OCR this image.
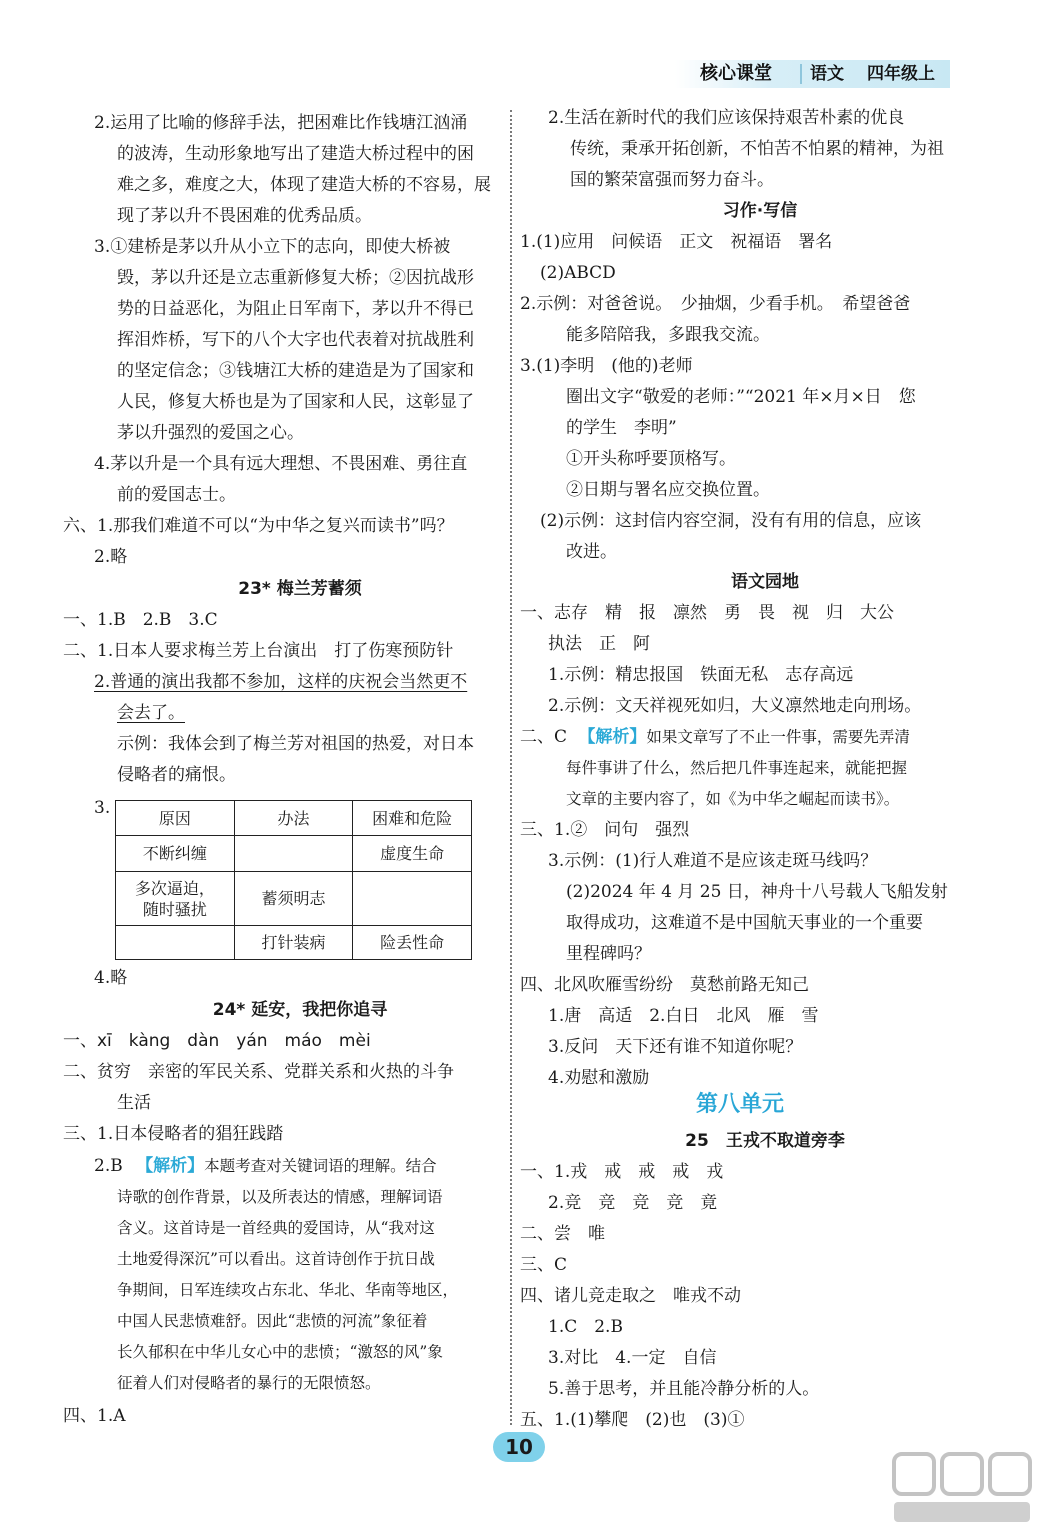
核心课堂 语文 四年级上
2.运用了比喻的修辞手法，把困难比作钱塘江汹涌
的波涛，生动形象地写出了建造大桥过程中的困
难之多，难度之大，体现了建造大桥的不容易，展
现了茅以升不畏困难的优秀品质。
3.①建桥是茅以升从小立下的志向，即使大桥被
毁，茅以升还是立志重新修复大桥；②因抗战形
势的日益恶化，为阻止日军南下，茅以升不得已
挥泪炸桥，写下的八个大字也代表着对抗战胜利
的坚定信念；③钱塘江大桥的建造是为了国家和
人民，修复大桥也是为了国家和人民，这彰显了
茅以升强烈的爱国之心。
4.茅以升是一个具有远大理想、不畏困难、勇往直
前的爱国志士。
六、1.那我们难道不可以“为中华之复兴而读书”吗？
2.略
23* 梅兰芳蓄须
一、1.B　2.B　3.C
二、1.日本人要求梅兰芳上台演出　打了伤寒预防针
2.普通的演出我都不参加，这样的庆祝会当然更不
会去了。
示例：我体会到了梅兰芳对祖国的热爱，对日本
侵略者的痛恨。
3.	原因	办法	困难和危险
不断纠缠		虚度生命
多次逼迫，
随时骚扰	蓄须明志	
	打针装病	险丢性命
4.略
24* 延安，我把你追寻
一、xī　kàng　dàn　yán　máo　mèi
二、贫穷　亲密的军民关系、党群关系和火热的斗争
生活
三、1.日本侵略者的猖狂践踏
2.B 【解析】本题考查对关键词语的理解。结合
诗歌的创作背景，以及所表达的情感，理解词语
含义。这首诗是一首经典的爱国诗，从“我对这
土地爱得深沉”可以看出。这首诗创作于抗日战
争期间，日军连续攻占东北、华北、华南等地区，
中国人民悲愤难舒。因此“悲愤的河流”象征着
长久郁积在中华儿女心中的悲愤；“激怒的风”象
征着人们对侵略者的暴行的无限愤怒。
四、1.A
2.生活在新时代的我们应该保持艰苦朴素的优良
传统，秉承开拓创新，不怕苦不怕累的精神，为祖
国的繁荣富强而努力奋斗。
习作·写信
1.(1)应用　问候语　正文　祝福语　署名
(2)ABCD
2.示例：对爸爸说。　少抽烟，少看手机。　希望爸爸
能多陪陪我，多跟我交流。
3.(1)李明　(他的)老师
圈出文字“敬爱的老师：”“2021 年×月×日　您
的学生　李明”
①开头称呼要顶格写。
②日期与署名应交换位置。
(2)示例：这封信内容空洞，没有有用的信息，应该
改进。
语文园地
一、志存　精　报　凛然　勇　畏　视　归　大公
执法　正　阿
1.示例：精忠报国　铁面无私　志存高远
2.示例：文天祥视死如归，大义凛然地走向刑场。
二、C 【解析】如果文章写了不止一件事，需要先弄清
每件事讲了什么，然后把几件事连起来，就能把握
文章的主要内容了，如《为中华之崛起而读书》。
三、1.②　问句　强烈
3.示例：(1)行人难道不是应该走斑马线吗？
(2)2024 年 4 月 25 日，神舟十八号载人飞船发射
取得成功，这难道不是中国航天事业的一个重要
里程碑吗？
四、北风吹雁雪纷纷　莫愁前路无知己
1.唐　高适　2.白日　北风　雁　雪
3.反问　天下还有谁不知道你呢？
4.劝慰和激励
第八单元
25　王戎不取道旁李
一、1.戎　戒　戒　戒　戎
2.竞　竞　竞　竞　竟
二、尝　唯
三、C
四、诸儿竞走取之　唯戎不动
1.C　2.B
3.对比　4.一定　自信
5.善于思考，并且能冷静分析的人。
五、1.(1)攀爬　(2)也　(3)①
10
